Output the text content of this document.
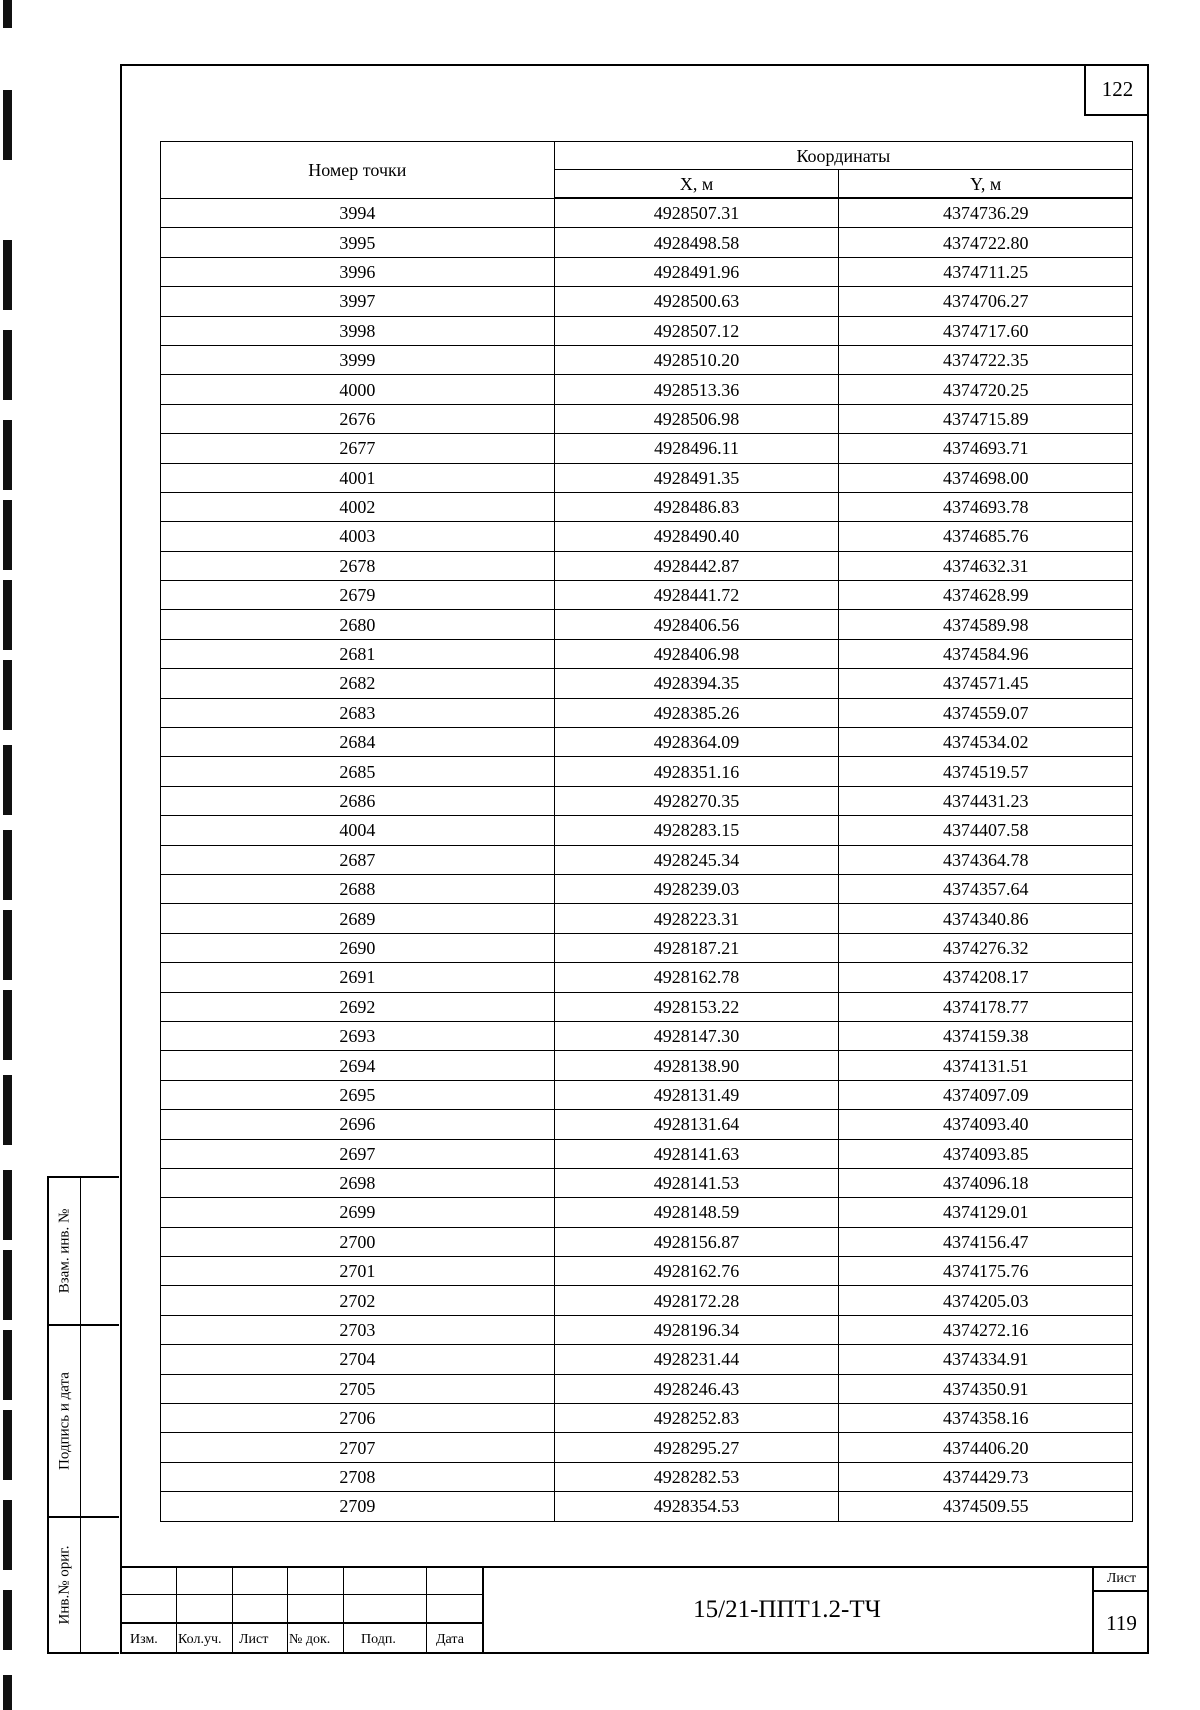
122
Номер точки	Координаты	
	X, м	Y, м
3994	4928507.31	4374736.29
3995	4928498.58	4374722.80
3996	4928491.96	4374711.25
3997	4928500.63	4374706.27
3998	4928507.12	4374717.60
3999	4928510.20	4374722.35
4000	4928513.36	4374720.25
2676	4928506.98	4374715.89
2677	4928496.11	4374693.71
4001	4928491.35	4374698.00
4002	4928486.83	4374693.78
4003	4928490.40	4374685.76
2678	4928442.87	4374632.31
2679	4928441.72	4374628.99
2680	4928406.56	4374589.98
2681	4928406.98	4374584.96
2682	4928394.35	4374571.45
2683	4928385.26	4374559.07
2684	4928364.09	4374534.02
2685	4928351.16	4374519.57
2686	4928270.35	4374431.23
4004	4928283.15	4374407.58
2687	4928245.34	4374364.78
2688	4928239.03	4374357.64
2689	4928223.31	4374340.86
2690	4928187.21	4374276.32
2691	4928162.78	4374208.17
2692	4928153.22	4374178.77
2693	4928147.30	4374159.38
2694	4928138.90	4374131.51
2695	4928131.49	4374097.09
2696	4928131.64	4374093.40
2697	4928141.63	4374093.85
2698	4928141.53	4374096.18
2699	4928148.59	4374129.01
2700	4928156.87	4374156.47
2701	4928162.76	4374175.76
2702	4928172.28	4374205.03
2703	4928196.34	4374272.16
2704	4928231.44	4374334.91
2705	4928246.43	4374350.91
2706	4928252.83	4374358.16
2707	4928295.27	4374406.20
2708	4928282.53	4374429.73
2709	4928354.53	4374509.55
Взам. инв. №
Подпись и дата
Инв.№ ориг.
Изм. Кол.уч. Лист № док. Подп.	Дата
15/21-ППТ1.2-ТЧ
Лист
119
